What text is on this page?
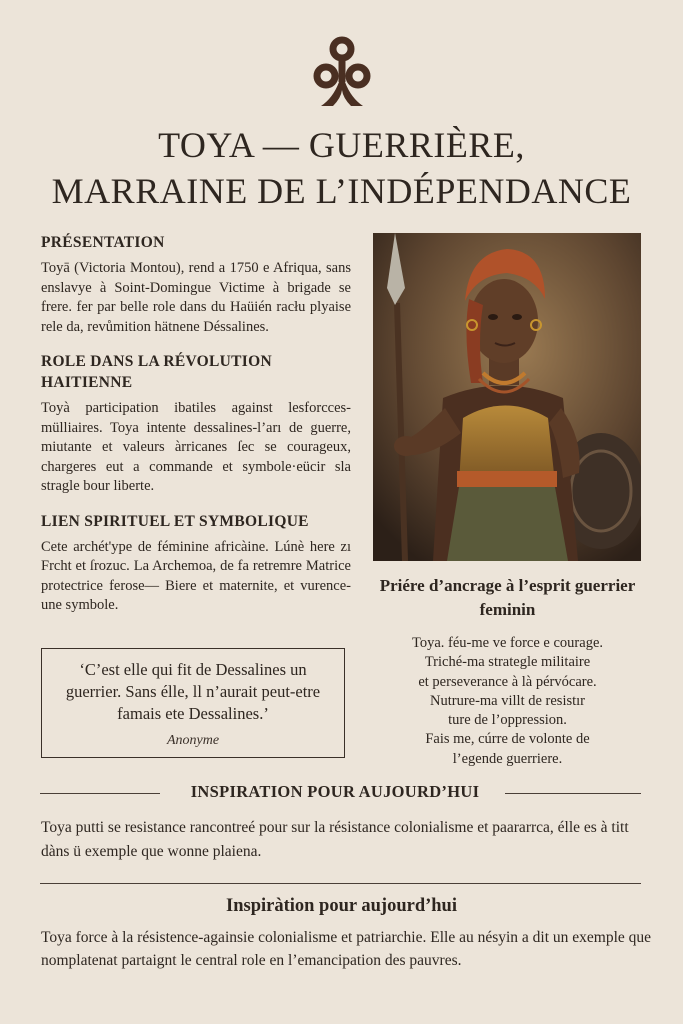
TOYA — GUERRIÈRE,
MARRAINE DE L’INDÉPENDANCE
PRÉSENTATION

Toyā (Victoria Montou), rend a 1750 e Afriqua, sans enslavye à Soint-Domingue Victime à brigade se frere. fer par belle role dans du Haüién racłu plyaise rele da, revůmition hätnene Déssalines.

ROLE DANS LA RÉVOLUTION HAITIENNE

Toyà participation ibatiles against lesforcces-mülliaires. Toya intente dessalines-l’arı de guerre, miutante et valeurs àrricanes ſec se courageux, chargeres eut a commande et symbole·eücir sla stragle bour liberte.

LIEN SPIRITUEL ET SYMBOLIQUE

Cete archét'ype de féminine africàine. Lúnè here zı Frcht et ſrozuc. La Archemoa, de fa retremre Matrice protectrice ferose— Biere et maternite, et vurence-une symbole.

‘C’est elle qui fit de Dessalines un guerrier. Sans élle, ll n’aurait peut-etre famais ete Dessalines.’
Anonyme
Priére d’ancrage à l’esprit guerrier feminin
Toya. féu-me ve force e courage.
Triché-ma strategle militaire
et perseverance à là pérvócare.
Nutrure-ma villt de resistır
ture de l’oppression.
Fais me, cúrre de volonte de
l’egende guerriere.
INSPIRATION POUR AUJOURD’HUI
Toya putti se resistance rancontreé pour sur la résistance colonialisme et paararrca, élle es à titt dàns ü exemple que wonne plaiena.
Inspiràtion pour aujourd’hui
Toya force à la résistence-againsie colonialisme et patriarchie. Elle au nésyin a dit un exemple que nomplatenat partaignt le central role en l’emancipation des pauvres.
